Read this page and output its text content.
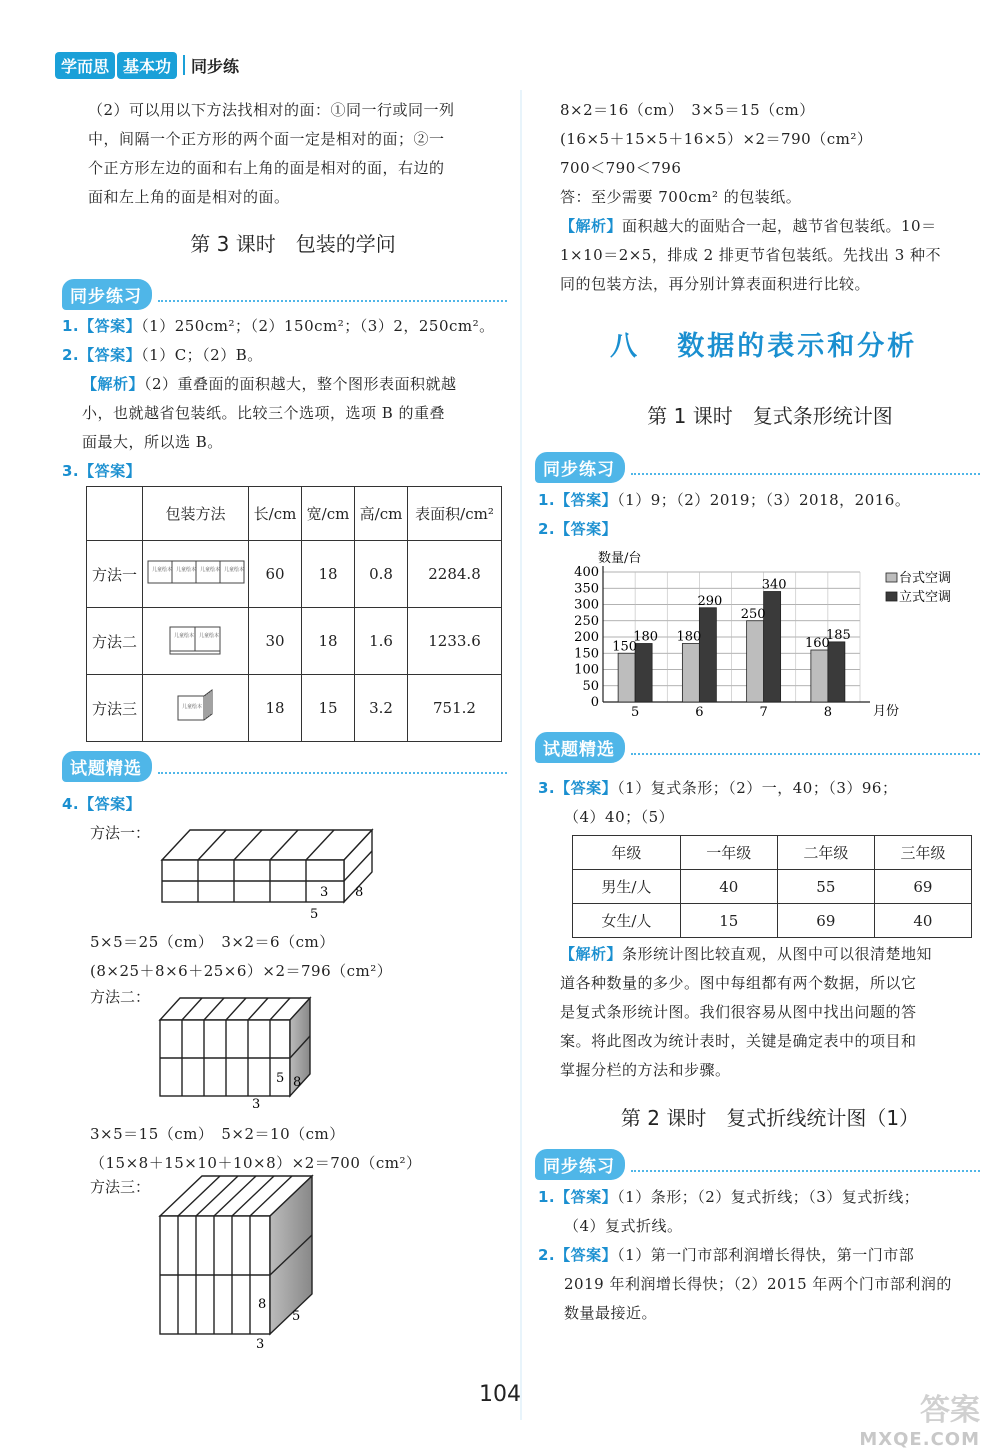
学而思 基本功	同步练

（2）可以用以下方法找相对的面：①同一行或同一列

中，间隔一个正方形的两个面一定是相对的面；②一

个正方形左边的面和右上角的面是相对的面，右边的

面和左上角的面是相对的面。

第 3 课时　包装的学问
同步练习

1.【答案】（1）250cm²；（2）150cm²；（3）2，250cm²。

2.【答案】（1）C；（2）B。

【解析】（2）重叠面的面积越大，整个图形表面积就越

小，也就越省包装纸。比较三个选项，选项 B 的重叠

面最大，所以选 B。

3.【答案】

	包装方法	长/cm	宽/cm	高/cm	表面积/cm²
方法一	儿童绘本 儿童绘本 儿童绘本 儿童绘本	60	18	0.8	2284.8
方法二	儿童绘本 儿童绘本	30	18	1.6	1233.6
方法三	儿童绘本	18	15	3.2	751.2
试题精选

4.【答案】

方法一：
3 8
5

5×5＝25（cm）　3×2＝6（cm）

(8×25＋8×6＋25×6）×2＝796（cm²）

方法二：
5 8
3

3×5＝15（cm）　5×2＝10（cm）

（15×8＋15×10＋10×8）×2＝700（cm²）

方法三：
8
5
3

8×2＝16（cm）　3×5＝15（cm）

(16×5＋15×5＋16×5）×2＝790（cm²）

700＜790＜796

答：至少需要 700cm² 的包装纸。

【解析】面积越大的面贴合一起，越节省包装纸。10＝

1×10＝2×5，排成 2 排更节省包装纸。先找出 3 种不

同的包装方法，再分别计算表面积进行比较。

八 数据的表示和分析
第 1 课时　复式条形统计图
同步练习

1.【答案】（1）9；（2）2019；（3）2018，2016。

2.【答案】

数量/台
0
50
100
150
200
250
300
350
400
150
180 180
290
250
340
160
185
5	6	7	8	月份
台式空调
立式空调
试题精选

3.【答案】（1）复式条形；（2）一，40；（3）96；

（4）40；（5）

年级	一年级	二年级	三年级
男生/人	40	55	69
女生/人	15	69	40

【解析】条形统计图比较直观，从图中可以很清楚地知

道各种数量的多少。图中每组都有两个数据，所以它

是复式条形统计图。我们很容易从图中找出问题的答

案。将此图改为统计表时，关键是确定表中的项目和

掌握分栏的方法和步骤。

第 2 课时　复式折线统计图（1）
同步练习

1.【答案】（1）条形；（2）复式折线；（3）复式折线；

（4）复式折线。

2.【答案】（1）第一门市部利润增长得快，第一门市部

2019 年利润增长得快；（2）2015 年两个门市部利润的

数量最接近。

104	答案
MXQE.COM
